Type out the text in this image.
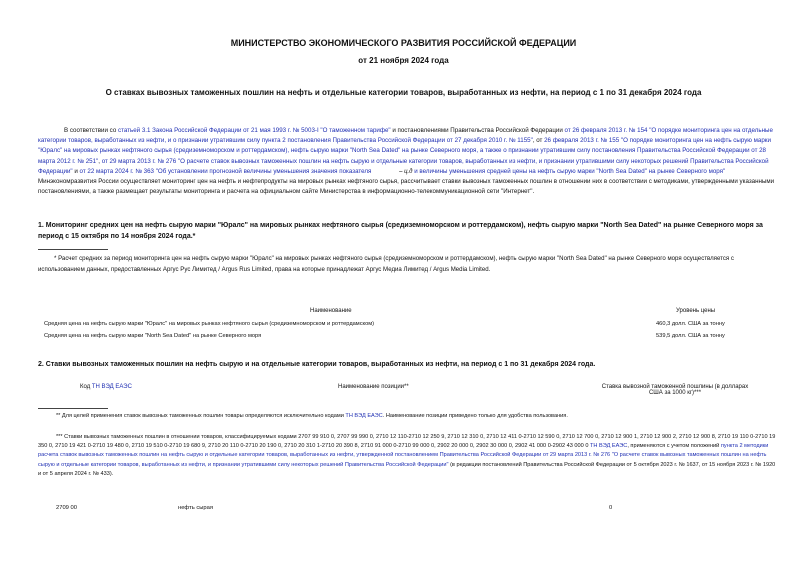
МИНИСТЕРСТВО ЭКОНОМИЧЕСКОГО РАЗВИТИЯ РОССИЙСКОЙ ФЕДЕРАЦИИ
от 21 ноября 2024 года
О ставках вывозных таможенных пошлин на нефть и отдельные категории товаров, выработанных из нефти, на период с 1 по 31 декабря 2024 года
В соответствии со статьей 3.1 Закона Российской Федерации от 21 мая 1993 г. № 5003-I "О таможенном тарифе" и постановлениями Правительства Российской Федерации от 26 февраля 2013 г. № 154 "О порядке мониторинга цен на отдельные категории товаров, выработанных из нефти, и о признании утратившим силу пункта 2 постановления Правительства Российской Федерации от 27 декабря 2010 г. № 1155", от 26 февраля 2013 г. № 155 "О порядке мониторинга цен на нефть сырую марки "Юралс" на мировых рынках нефтяного сырья (средиземноморском и роттердамском), нефть сырую марки "North Sea Dated" на рынке Северного моря, а также о признании утратившим силу постановления Правительства Российской Федерации от 28 марта 2012 г. № 251", от 29 марта 2013 г. № 276 "О расчете ставок вывозных таможенных пошлин на нефть сырую и отдельные категории товаров, выработанных из нефти, и признании утратившими силу некоторых решений Правительства Российской Федерации" и от 22 марта 2024 г. № 363 "Об установлении прогнозной величины уменьшения значения показателя	– ц.д и величины уменьшения средней цены на нефть сырую марки "North Sea Dated" на рынке Северного моря" Минэкономразвития России осуществляет мониторинг цен на нефть и нефтепродукты на мировых рынках нефтяного сырья, рассчитывает ставки вывозных таможенных пошлин в отношении них в соответствии с методиками, утвержденными указанными постановлениями, а также размещает результаты мониторинга и расчета на официальном сайте Министерства в информационно-телекоммуникационной сети "Интернет".
1. Мониторинг средних цен на нефть сырую марки "Юралс" на мировых рынках нефтяного сырья (средиземноморском и роттердамском), нефть сырую марки "North Sea Dated" на рынке Северного моря за период с 15 октября по 14 ноября 2024 года.*
* Расчет средних за период мониторинга цен на нефть сырую марки "Юралс" на мировых рынках нефтяного сырья (средиземноморском и роттердамском), нефть сырую марки "North Sea Dated" на рынке Северного моря осуществляется с использованием данных, предоставленных Аргус Рус Лимитед / Argus Rus Limited, права на которые принадлежат Аргус Медиа Лимитед / Argus Media Limited.
Наименование	Уровень цены
Средняя цена на нефть сырую марки "Юралс" на мировых рынках нефтяного сырья (средиземноморском и роттердамском)	460,3 долл. США за тонну
Средняя цена на нефть сырую марки "North Sea Dated" на рынке Северного моря	539,5 долл. США за тонну
2. Ставки вывозных таможенных пошлин на нефть сырую и на отдельные категории товаров, выработанных из нефти, на период с 1 по 31 декабря 2024 года.
Код ТН ВЭД ЕАЭС	Наименование позиции**	Ставка вывозной таможенной пошлины (в долларах США за 1000 кг)***
** Для целей применения ставок вывозных таможенных пошлин товары определяются исключительно кодами ТН ВЭД ЕАЭС. Наименование позиции приведено только для удобства пользования.
*** Ставки вывозных таможенных пошлин в отношении товаров, классифицируемых кодами 2707 99 910 0, 2707 99 990 0, 2710 12 110-2710 12 250 9, 2710 12 310 0, 2710 12 411 0-2710 12 590 0, 2710 12 700 0, 2710 12 900 1, 2710 12 900 2, 2710 12 900 8, 2710 19 110 0-2710 19 350 0, 2710 19 421 0-2710 19 480 0, 2710 19 510 0-2710 19 680 9, 2710 20 110 0-2710 20 190 0, 2710 20 310 1-2710 20 390 8, 2710 91 000 0-2710 99 000 0, 2902 20 000 0, 2902 30 000 0, 2902 41 000 0-2902 43 000 0 ТН ВЭД ЕАЭС, применяются с учетом положений пункта 2 методики расчета ставок вывозных таможенных пошлин на нефть сырую и отдельные категории товаров, выработанных из нефти, утвержденной постановлением Правительства Российской Федерации от 29 марта 2013 г. № 276 "О расчете ставок вывозных таможенных пошлин на нефть сырую и отдельные категории товаров, выработанных из нефти, и признании утратившими силу некоторых решений Правительства Российской Федерации" (в редакции постановлений Правительства Российской Федерации от 5 октября 2023 г. № 1637, от 15 ноября 2023 г. № 1920 и от 5 апреля 2024 г. № 433).
2709 00	нефть сырая	0
